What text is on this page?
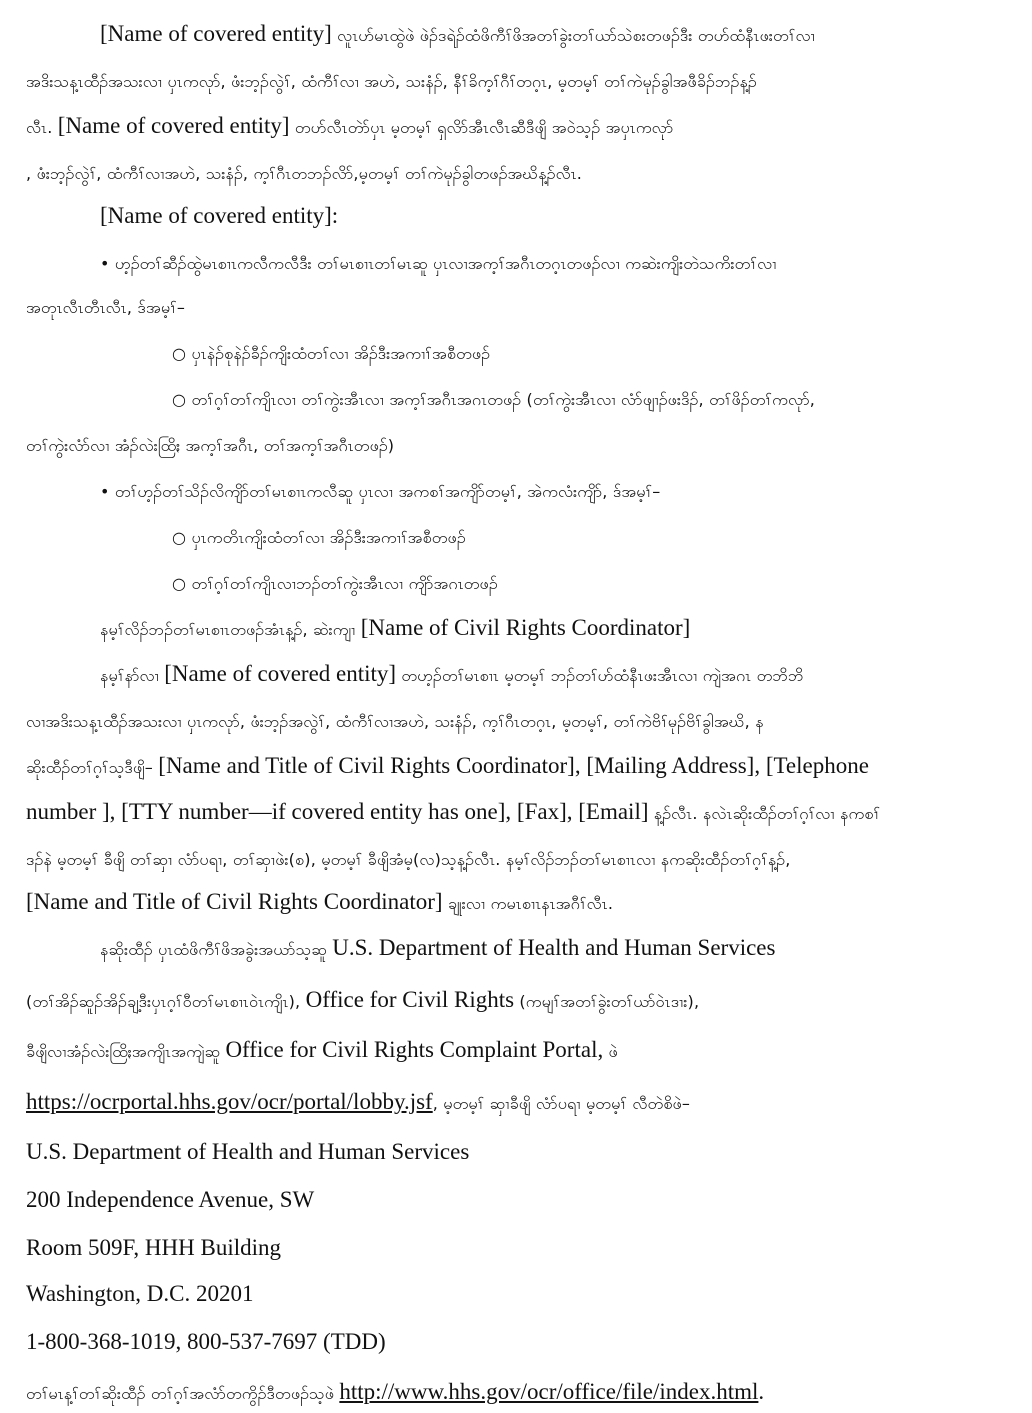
[Name of covered entity] လူၤဟ်မၤထွဲဖဲ ဖဲၣ်ဒရဲၣ်ထံဖိကီၢ်ဖိအတၢ်ခွဲးတၢ်ယာ်သဲစးတဖၣ်ဒီး တဟ်ထံနီၤဖးတၢ်လၢ
အဒိးသန့ၤထီၣ်အသးလၢ ပှၤကလုာ်, ဖံးဘ့ၣ်လွဲၢ်, ထံကီၢ်လၢ အဟဲ, သးနံၣ်, နီၢ်ခိက့ၢ်ဂီၢ်တဂ့ၤ, မ့တမ့ၢ် တၢ်ကဲမုၣ်ခွါအဖီခိၣ်ဘၣ်န့ၣ်
လီၤ. [Name of covered entity] တဟ်လီၤတဲာ်ပှၤ မ့တမ့ၢ် ရှလိာ်အီၤလီၤဆီဒီဖျိ အဝဲသ့ၣ် အပှၤကလုာ်
, ဖံးဘ့ၣ်လွဲၢ်, ထံကီၢ်လၢအဟဲ, သးနံၣ်, က့ၢ်ဂီၤတဘၣ်လိာ်,မ့တမ့ၢ် တၢ်ကဲမုၣ်ခွါတဖၣ်အဃိန့ၣ်လီၤ.
[Name of covered entity]:
• ဟ့ၣ်တၢ်ဆီၣ်ထွဲမၤစၢၤကလီကလီဒီး တၢ်မၤစၢၤတၢ်မၤဆူ ပှၤလၢအက့ၢ်အဂီၤတဂ့ၤတဖၣ်လၢ ကဆဲးကျိးတဲသကိးတၢ်လၢ
အတုၤလီၤတီၤလီၤ, ဒ်အမ့ၢ်–
○ ပှၤနဲၣ်စုနဲၣ်ခီၣ်ကျိးထံတၢ်လၢ အိၣ်ဒီးအကၢၢ်အစီတဖၣ်
○ တၢ်ဂ့ၢ်တၢ်ကျိၤလၢ တၢ်ကွဲးအီၤလၢ အက့ၢ်အဂီၤအဂၤတဖၣ် (တၢ်ကွဲးအီၤလၢ လံာ်ဖျၢၣ်ဖးဒိၣ်, တၢ်ဖိၣ်တၢ်ကလုာ်,
တၢ်ကွဲးလံာ်လၢ အံၣ်လဲးထြိႏ အက့ၢ်အဂီၤ, တၢ်အက့ၢ်အဂီၤတဖၣ်)
• တၢ်ဟ့ၣ်တၢ်သိၣ်လိကျိာ်တၢ်မၤစၢၤကလီဆူ ပှၤလၢ အကစၢ်အကျိာ်တမ့ၢ်, အဲကလံးကျိာ်, ဒ်အမ့ၢ်–
○ ပှၤကတိၤကျိးထံတၢ်လၢ အိၣ်ဒီးအကၢၢ်အစီတဖၣ်
○ တၢ်ဂ့ၢ်တၢ်ကျိၤလၢဘၣ်တၢ်ကွဲးအီၤလၢ ကျိာ်အဂၤတဖၣ်
နမ့ၢ်လိၣ်ဘၣ်တၢ်မၤစၢၤတဖၣ်အံၤန့ၣ်, ဆဲးကျၢ [Name of Civil Rights Coordinator]
နမ့ၢ်နာ်လၢ [Name of covered entity] တဟ့ၣ်တၢ်မၤစၢၤ မ့တမ့ၢ် ဘၣ်တၢ်ဟ်ထံနီၤဖးအီၤလၢ ကျဲအဂၤ တဘိဘိ
လၢအဒိးသန့ၤထီၣ်အသးလၢ ပှၤကလုာ်, ဖံးဘ့ၣ်အလွဲၢ်, ထံကီၢ်လၢအဟဲ, သးနံၣ်, က့ၢ်ဂီၤတဂ့ၤ, မ့တမ့ၢ်, တၢ်ကဲဗိၢ်မုၣ်ဗိၢ်ခွါအဃိ, န
ဆိုးထီၣ်တၢ်ဂ့ၢ်သ့ဒီဖျိ– [Name and Title of Civil Rights Coordinator], [Mailing Address], [Telephone
number ], [TTY number—if covered entity has one], [Fax], [Email] န့ၣ်လီၤ. နလဲၤဆိုးထီၣ်တၢ်ဂ့ၢ်လၢ နကစၢ်
ဒၣ်နဲ မ့တမ့ၢ် ခီဖျိ တၢ်ဆှၢ လံာ်ပရၢ, တၢ်ဆှၢဖဲး(စ), မ့တမ့ၢ် ခီဖျိအံမ့(လ)သ့န့ၣ်လီၤ. နမ့ၢ်လိၣ်ဘၣ်တၢ်မၤစၢၤလၢ နကဆိုးထီၣ်တၢ်ဂ့ၢ်န့ၣ်,
[Name and Title of Civil Rights Coordinator] ချုးလၢ ကမၤစၢၤနၤအဂီၢ်လီၤ.
နဆိုးထီၣ် ပှၤထံဖိကီၢ်ဖိအခွဲးအယာ်သ့ဆူ U.S. Department of Health and Human Services
(တၢ်အိၣ်ဆူၣ်အိၣ်ချ့ဒီးပှၤဂ့ၢ်ဝီတၢ်မၤစၢၤဝဲၤကျိၤ), Office for Civil Rights (ကမျၢ်အတၢ်ခွဲးတၢ်ယာ်ဝဲၤဒၢး),
ခီဖျိလၢအံၣ်လဲးထြိႏအကျိၤအကျဲဆူ Office for Civil Rights Complaint Portal, ဖဲ
https://ocrportal.hhs.gov/ocr/portal/lobby.jsf, မ့တမ့ၢ် ဆှၢခီဖျိ လံာ်ပရၢ မ့တမ့ၢ် လီတဲစိဖဲ–
U.S. Department of Health and Human Services
200 Independence Avenue, SW
Room 509F, HHH Building
Washington, D.C. 20201
1-800-368-1019, 800-537-7697 (TDD)
တၢ်မၤန့ၢ်တၢ်ဆိုးထီၣ် တၢ်ဂ့ၢ်အလံာ်တကွိၣ်ဒီတဖၣ်သ့ဖဲ http://www.hhs.gov/ocr/office/file/index.html.
